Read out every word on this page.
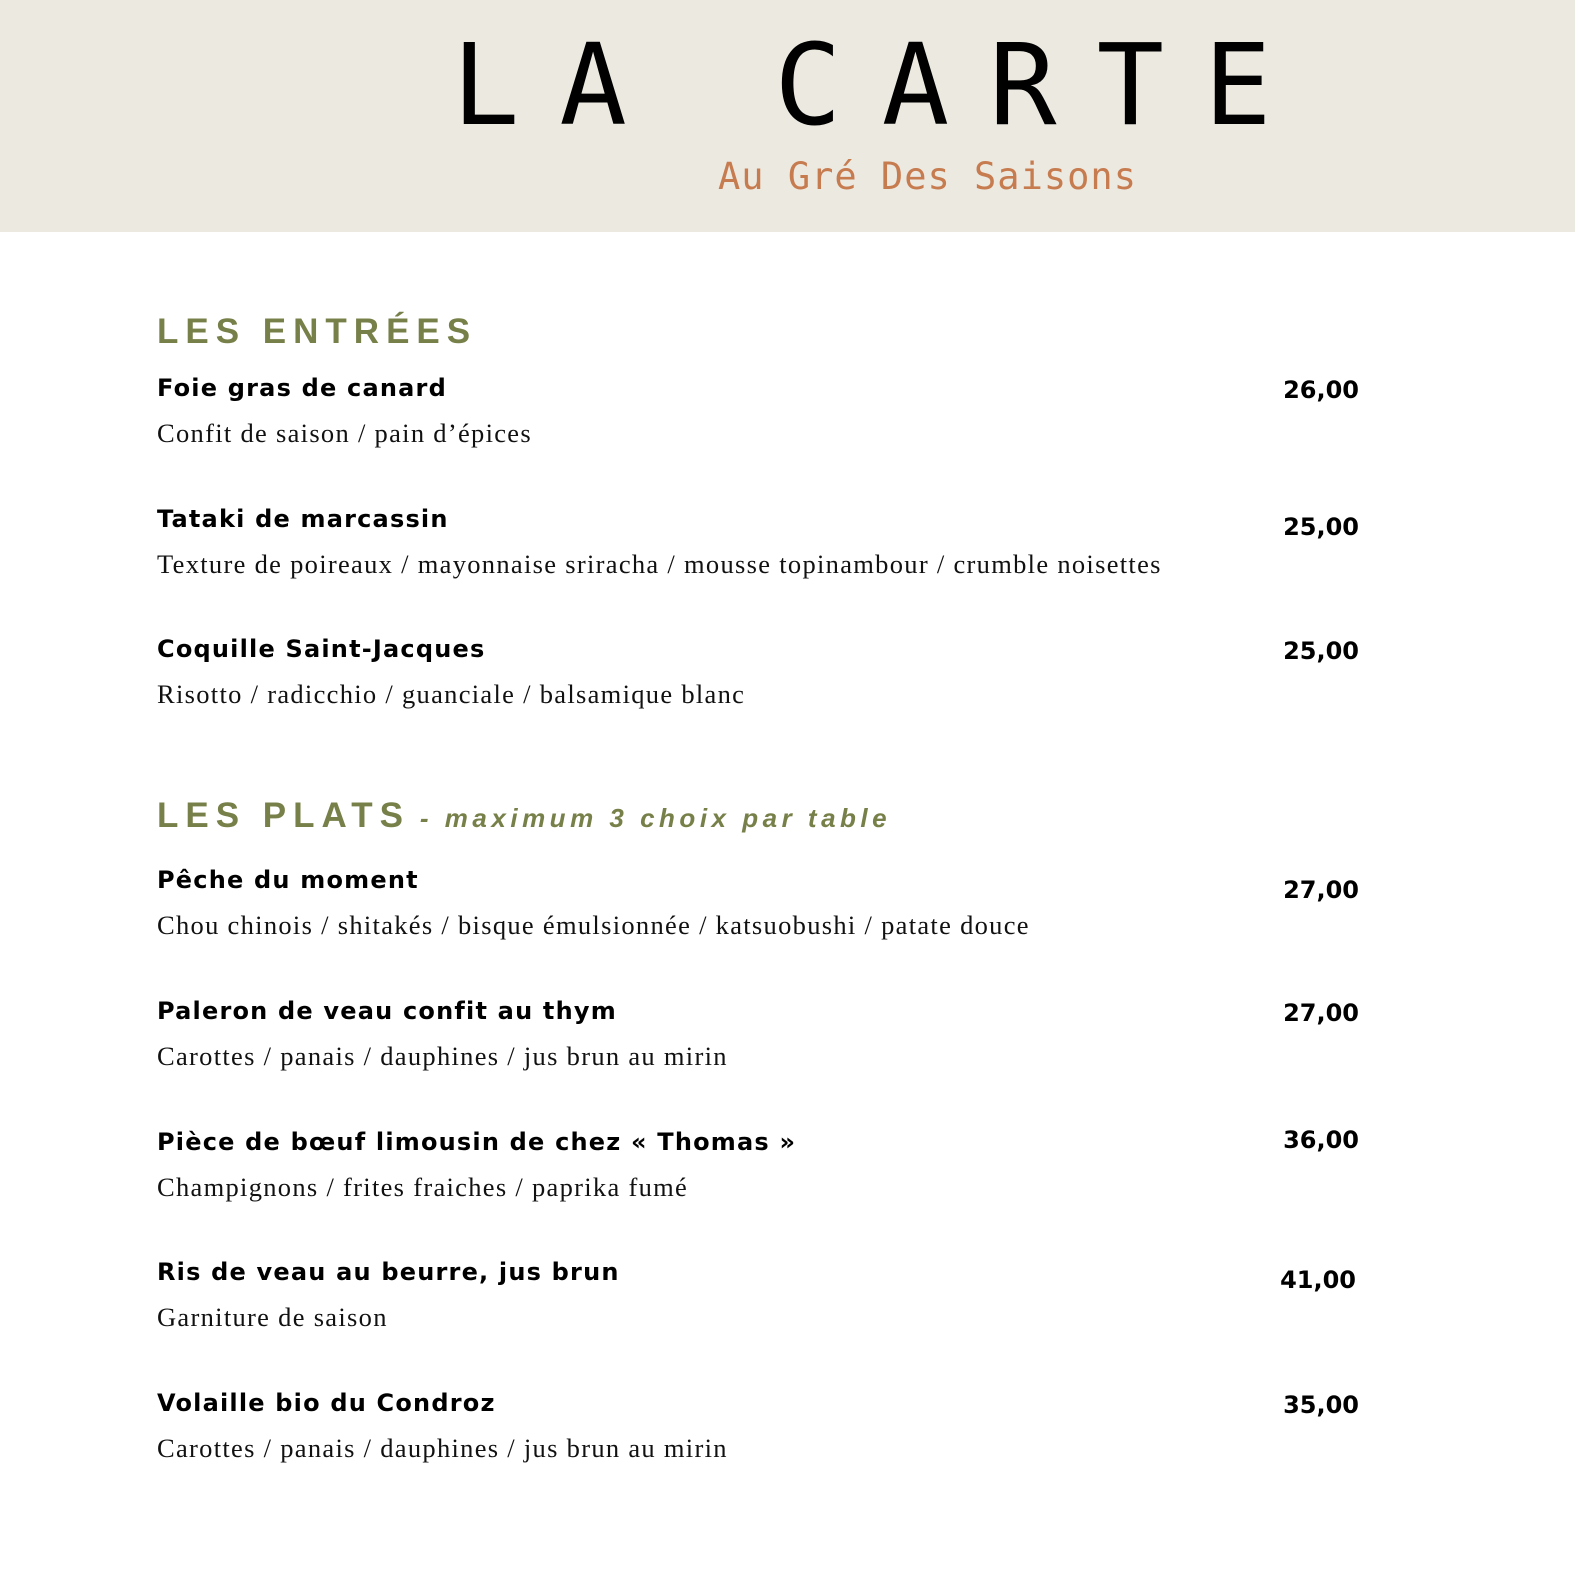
LA CARTE
Au Gré Des Saisons
LES ENTRÉES
Foie gras de canard
Confit de saison / pain d’épices
26,00
Tataki de marcassin
Texture de poireaux / mayonnaise sriracha / mousse topinambour / crumble noisettes
25,00
Coquille Saint-Jacques
Risotto / radicchio / guanciale / balsamique blanc
25,00
LES PLATS - maximum 3 choix par table
Pêche du moment
Chou chinois / shitakés / bisque émulsionnée / katsuobushi / patate douce
27,00
Paleron de veau confit au thym
Carottes / panais / dauphines / jus brun au mirin
27,00
Pièce de bœuf limousin de chez « Thomas »
Champignons / frites fraiches / paprika fumé
36,00
Ris de veau au beurre, jus brun
Garniture de saison
41,00
Volaille bio du Condroz
Carottes / panais / dauphines / jus brun au mirin
35,00
